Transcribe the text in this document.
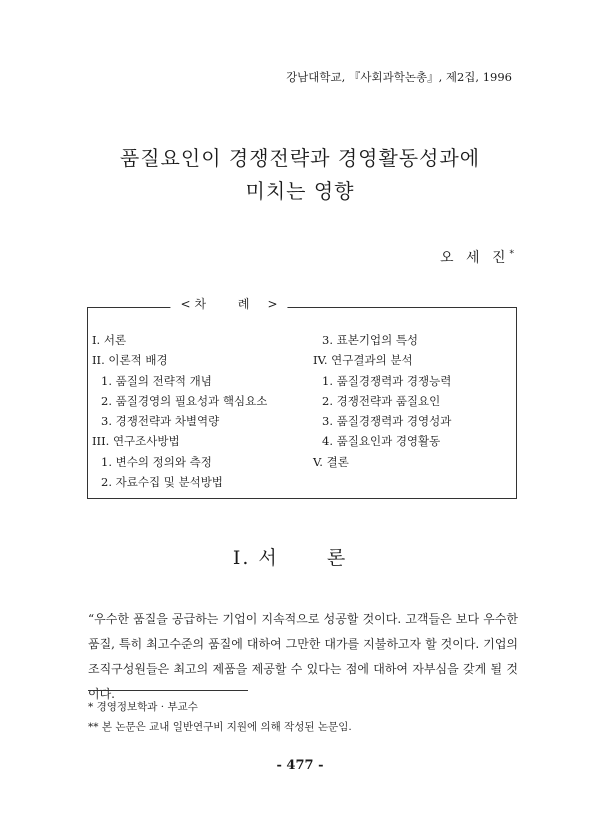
강남대학교, 『사회과학논총』, 제2집, 1996
품질요인이 경쟁전략과 경영활동성과에
미치는 영향
오 세 진*
< 차 례 >
I. 서론
II. 이론적 배경
1. 품질의 전략적 개념
2. 품질경영의 필요성과 핵심요소
3. 경쟁전략과 차별역량
III. 연구조사방법
1. 변수의 정의와 측정
2. 자료수집 및 분석방법
3. 표본기업의 특성
IV. 연구결과의 분석
1. 품질경쟁력과 경쟁능력
2. 경쟁전략과 품질요인
3. 품질경쟁력과 경영성과
4. 품질요인과 경영활동
V. 결론
I. 서 론
“우수한 품질을 공급하는 기업이 지속적으로 성공할 것이다. 고객들은 보다 우수한 품질, 특히 최고수준의 품질에 대하여 그만한 대가를 지불하고자 할 것이다. 기업의 조직구성원들은 최고의 제품을 제공할 수 있다는 점에 대하여 자부심을 갖게 될 것이다.
* 경영정보학과 · 부교수
** 본 논문은 교내 일반연구비 지원에 의해 작성된 논문임.
- 477 -
